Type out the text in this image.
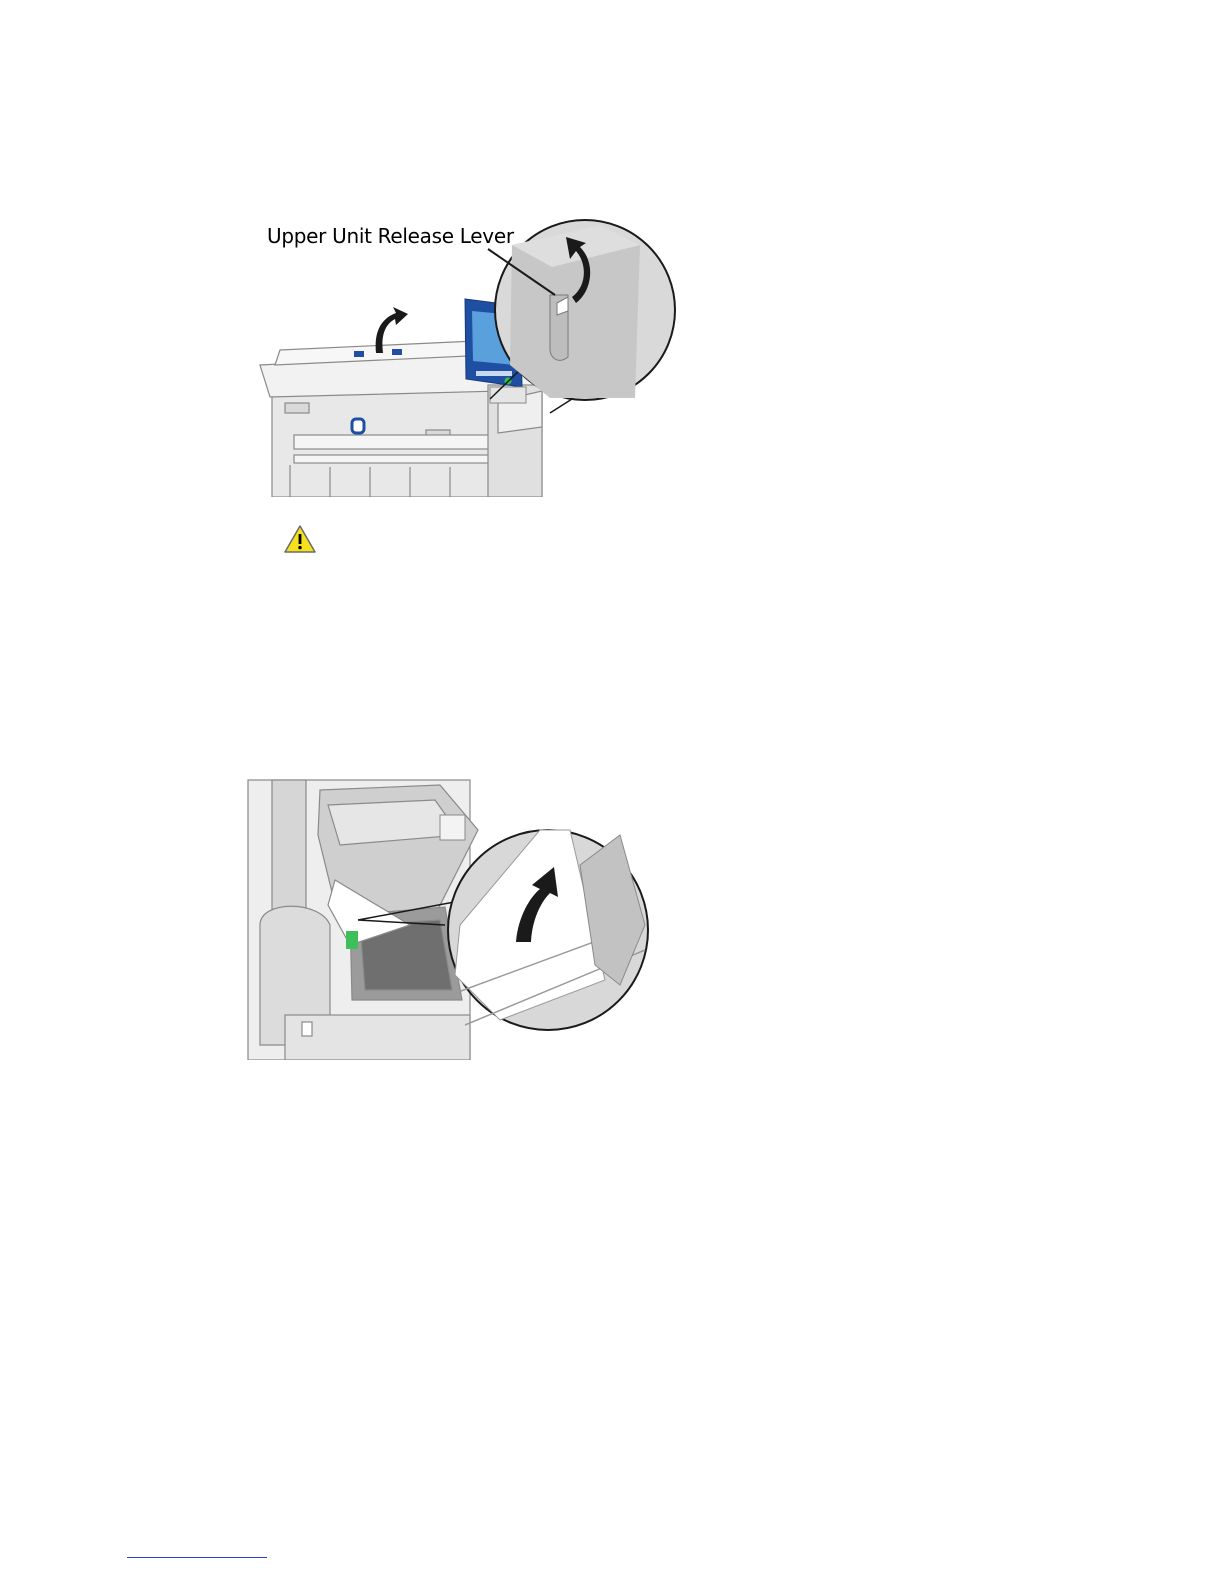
Upper Unit Release Lever
